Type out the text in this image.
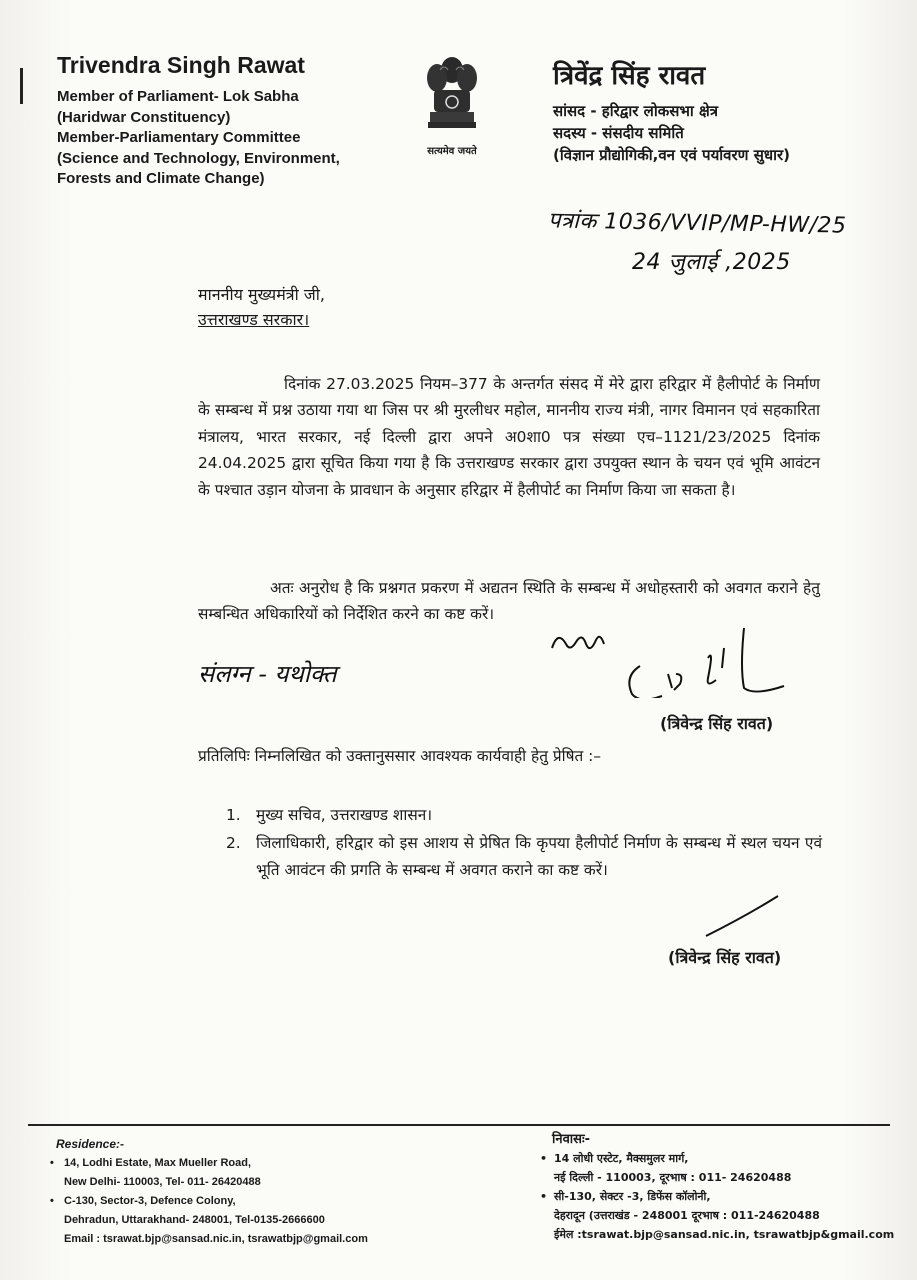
Trivendra Singh Rawat
Member of Parliament- Lok Sabha
(Haridwar Constituency)
Member-Parliamentary Committee
(Science and Technology, Environment,
Forests and Climate Change)
सत्यमेव जयते
त्रिवेंद्र सिंह रावत
सांसद - हरिद्वार लोकसभा क्षेत्र
सदस्य - संसदीय समिति
(विज्ञान प्रौद्योगिकी,वन एवं पर्यावरण सुधार)
पत्रांक 1036/VVIP/MP-HW/25
24 जुलाई ,2025
माननीय मुख्यमंत्री जी,
उत्तराखण्ड सरकार।
दिनांक 27.03.2025 नियम–377 के अन्तर्गत संसद में मेरे द्वारा हरिद्वार में हैलीपोर्ट के निर्माण के सम्बन्ध में प्रश्न उठाया गया था जिस पर श्री मुरलीधर महोल, माननीय राज्य मंत्री, नागर विमानन एवं सहकारिता मंत्रालय, भारत सरकार, नई दिल्ली द्वारा अपने अ0शा0 पत्र संख्या एच–1121/23/2025 दिनांक 24.04.2025 द्वारा सूचित किया गया है कि उत्तराखण्ड सरकार द्वारा उपयुक्त स्थान के चयन एवं भूमि आवंटन के पश्चात उड़ान योजना के प्रावधान के अनुसार हरिद्वार में हैलीपोर्ट का निर्माण किया जा सकता है।
अतः अनुरोध है कि प्रश्नगत प्रकरण में अद्यतन स्थिति के सम्बन्ध में अधोहस्तारी को अवगत कराने हेतु सम्बन्धित अधिकारियों को निर्देशित करने का कष्ट करें।
संलग्न - यथोक्त
(त्रिवेन्द्र सिंह रावत)
प्रतिलिपिः निम्नलिखित को उक्तानुससार आवश्यक कार्यवाही हेतु प्रेषित :–
1. मुख्य सचिव, उत्तराखण्ड शासन।
2. जिलाधिकारी, हरिद्वार को इस आशय से प्रेषित कि कृपया हैलीपोर्ट निर्माण के सम्बन्ध में स्थल चयन एवं भूति आवंटन की प्रगति के सम्बन्ध में अवगत कराने का कष्ट करें।
(त्रिवेन्द्र सिंह रावत)
Residence:-
• 14, Lodhi Estate, Max Mueller Road,
New Delhi- 110003, Tel- 011- 26420488
• C-130, Sector-3, Defence Colony,
Dehradun, Uttarakhand- 248001, Tel-0135-2666600
Email : tsrawat.bjp@sansad.nic.in, tsrawatbjp@gmail.com
निवासः-
• 14 लोधी एस्टेट, मैक्समुलर मार्ग,
नई दिल्ली - 110003, दूरभाष : 011- 24620488
• सी-130, सेक्टर -3, डिफेंस कॉलोनी,
देहरादून (उत्तराखंड - 248001 दूरभाष : 011-24620488
ईमेल :tsrawat.bjp@sansad.nic.in, tsrawatbjp&gmail.com
